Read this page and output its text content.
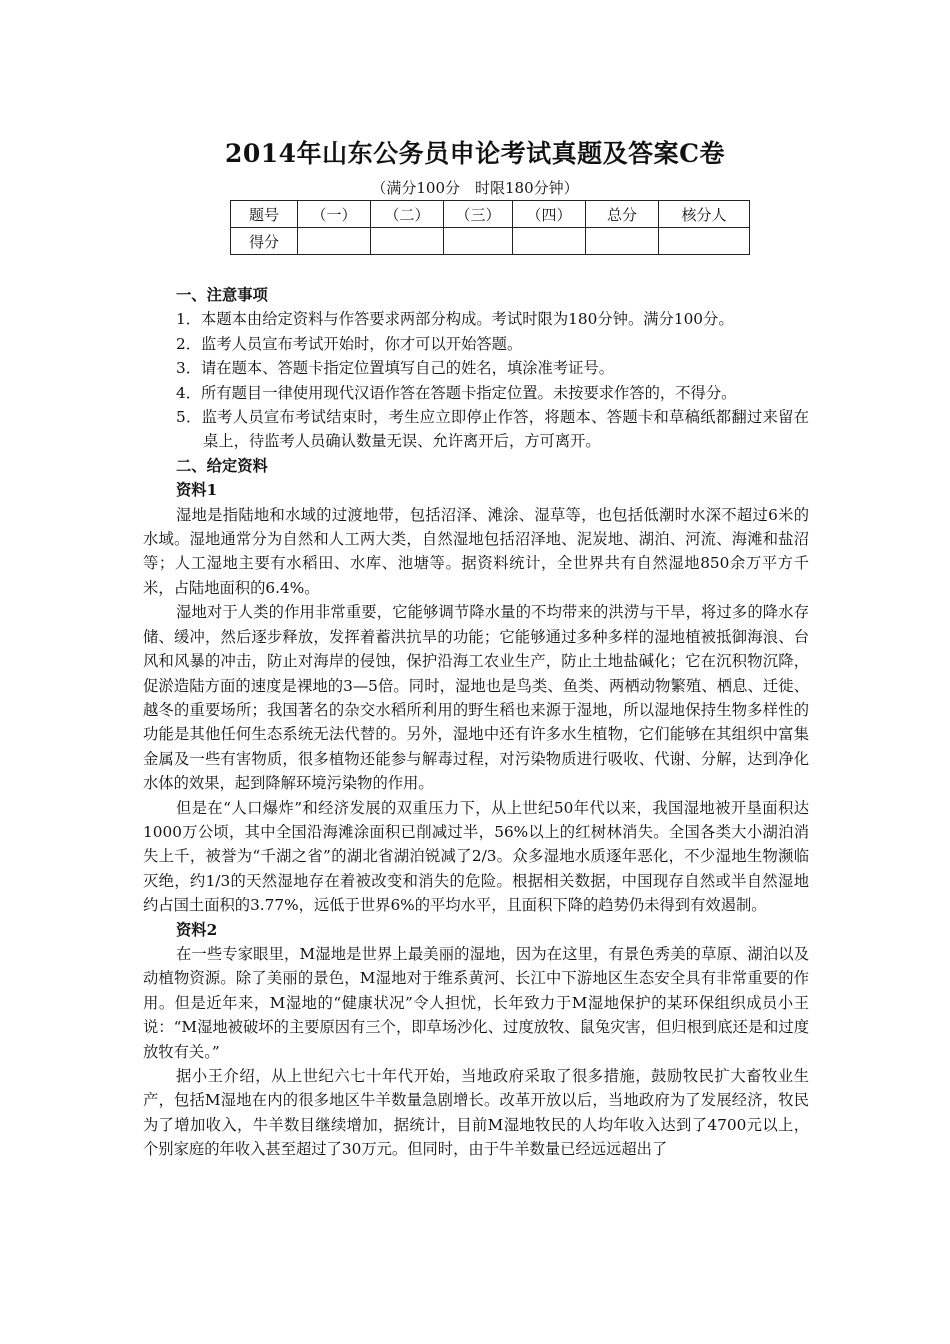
2014年山东公务员申论考试真题及答案C卷
（满分100分　时限180分钟）
题号	（一）	（二）	（三）	（四）	总分	核分人
得分						

一、注意事项

1．本题本由给定资料与作答要求两部分构成。考试时限为180分钟。满分100分。

2．监考人员宣布考试开始时，你才可以开始答题。

3．请在题本、答题卡指定位置填写自己的姓名，填涂准考证号。

4．所有题目一律使用现代汉语作答在答题卡指定位置。未按要求作答的，不得分。

5．监考人员宣布考试结束时，考生应立即停止作答，将题本、答题卡和草稿纸都翻过来留在桌上，待监考人员确认数量无误、允许离开后，方可离开。

二、给定资料

资料1

湿地是指陆地和水域的过渡地带，包括沼泽、滩涂、湿草等，也包括低潮时水深不超过6米的水域。湿地通常分为自然和人工两大类，自然湿地包括沼泽地、泥炭地、湖泊、河流、海滩和盐沼等；人工湿地主要有水稻田、水库、池塘等。据资料统计，全世界共有自然湿地850余万平方千米，占陆地面积的6.4%。

湿地对于人类的作用非常重要，它能够调节降水量的不均带来的洪涝与干旱，将过多的降水存储、缓冲，然后逐步释放，发挥着蓄洪抗旱的功能；它能够通过多种多样的湿地植被抵御海浪、台风和风暴的冲击，防止对海岸的侵蚀，保护沿海工农业生产，防止土地盐碱化；它在沉积物沉降，促淤造陆方面的速度是裸地的3—5倍。同时，湿地也是鸟类、鱼类、两栖动物繁殖、栖息、迁徙、越冬的重要场所；我国著名的杂交水稻所利用的野生稻也来源于湿地，所以湿地保持生物多样性的功能是其他任何生态系统无法代替的。另外，湿地中还有许多水生植物，它们能够在其组织中富集金属及一些有害物质，很多植物还能参与解毒过程，对污染物质进行吸收、代谢、分解，达到净化水体的效果，起到降解环境污染物的作用。

但是在“人口爆炸”和经济发展的双重压力下，从上世纪50年代以来，我国湿地被开垦面积达1000万公顷，其中全国沿海滩涂面积已削减过半，56%以上的红树林消失。全国各类大小湖泊消失上千，被誉为“千湖之省”的湖北省湖泊锐减了2/3。众多湿地水质逐年恶化，不少湿地生物濒临灭绝，约1/3的天然湿地存在着被改变和消失的危险。根据相关数据，中国现存自然或半自然湿地约占国土面积的3.77%，远低于世界6%的平均水平，且面积下降的趋势仍未得到有效遏制。

资料2

在一些专家眼里，M湿地是世界上最美丽的湿地，因为在这里，有景色秀美的草原、湖泊以及动植物资源。除了美丽的景色，M湿地对于维系黄河、长江中下游地区生态安全具有非常重要的作用。但是近年来，M湿地的“健康状况”令人担忧，长年致力于M湿地保护的某环保组织成员小王说：“M湿地被破坏的主要原因有三个，即草场沙化、过度放牧、鼠兔灾害，但归根到底还是和过度放牧有关。”

据小王介绍，从上世纪六七十年代开始，当地政府采取了很多措施，鼓励牧民扩大畜牧业生产，包括M湿地在内的很多地区牛羊数量急剧增长。改革开放以后，当地政府为了发展经济，牧民为了增加收入，牛羊数目继续增加，据统计，目前M湿地牧民的人均年收入达到了4700元以上，个别家庭的年收入甚至超过了30万元。但同时，由于牛羊数量已经远远超出了
